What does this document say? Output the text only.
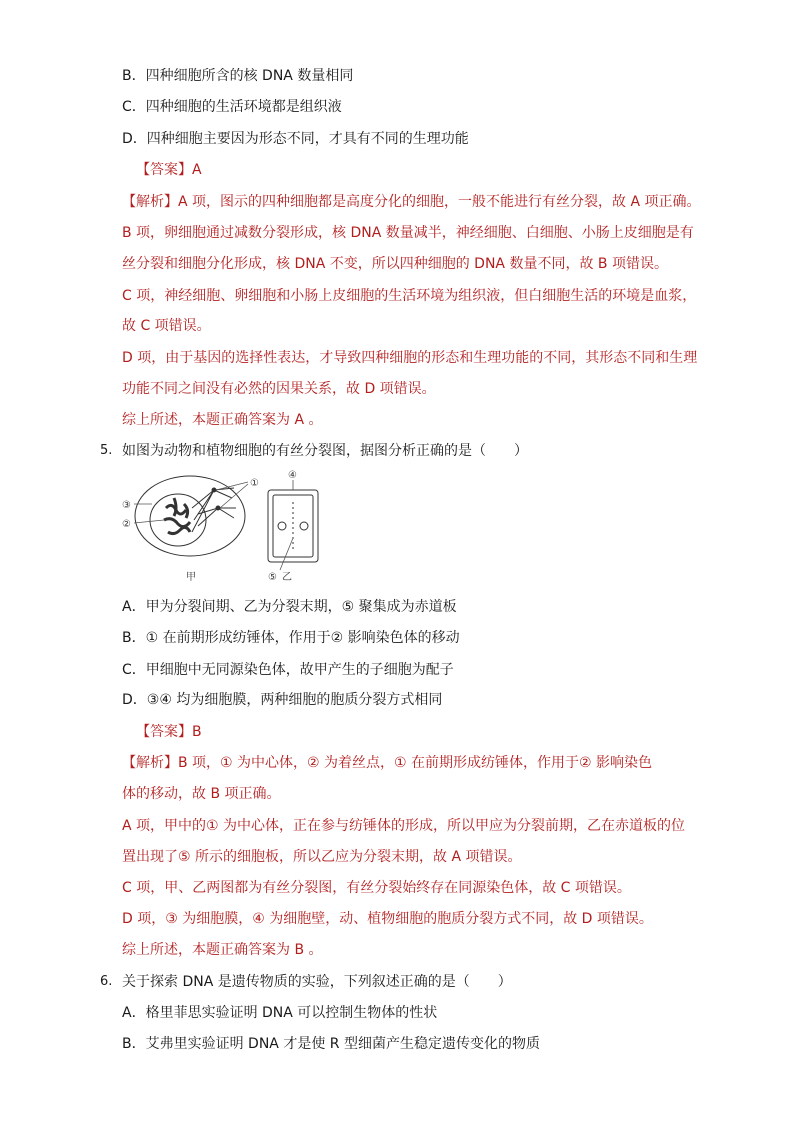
B．四种细胞所含的核 DNA 数量相同
C．四种细胞的生活环境都是组织液
D．四种细胞主要因为形态不同，才具有不同的生理功能
【答案】A
【解析】A 项，图示的四种细胞都是高度分化的细胞，一般不能进行有丝分裂，故 A 项正确。
B 项，卵细胞通过减数分裂形成，核 DNA 数量减半，神经细胞、白细胞、小肠上皮细胞是有
丝分裂和细胞分化形成，核 DNA 不变，所以四种细胞的 DNA 数量不同，故 B 项错误。
C 项，神经细胞、卵细胞和小肠上皮细胞的生活环境为组织液，但白细胞生活的环境是血浆，
故 C 项错误。
D 项，由于基因的选择性表达，才导致四种细胞的形态和生理功能的不同，其形态不同和生理
功能不同之间没有必然的因果关系，故 D 项错误。
综上所述，本题正确答案为 A 。
5. 如图为动物和植物细胞的有丝分裂图，据图分析正确的是（　　）
①
③
②
甲
④
⑤ 乙
A．甲为分裂间期、乙为分裂末期，⑤ 聚集成为赤道板
B．① 在前期形成纺锤体，作用于② 影响染色体的移动
C．甲细胞中无同源染色体，故甲产生的子细胞为配子
D．③④ 均为细胞膜，两种细胞的胞质分裂方式相同
【答案】B
【解析】B 项，① 为中心体，② 为着丝点，① 在前期形成纺锤体，作用于② 影响染色
体的移动，故 B 项正确。
A 项，甲中的① 为中心体，正在参与纺锤体的形成，所以甲应为分裂前期，乙在赤道板的位
置出现了⑤ 所示的细胞板，所以乙应为分裂末期，故 A 项错误。
C 项，甲、乙两图都为有丝分裂图，有丝分裂始终存在同源染色体，故 C 项错误。
D 项，③ 为细胞膜，④ 为细胞壁，动、植物细胞的胞质分裂方式不同，故 D 项错误。
综上所述，本题正确答案为 B 。
6. 关于探索 DNA 是遗传物质的实验，下列叙述正确的是（　　）
A．格里菲思实验证明 DNA 可以控制生物体的性状
B．艾弗里实验证明 DNA 才是使 R 型细菌产生稳定遗传变化的物质
